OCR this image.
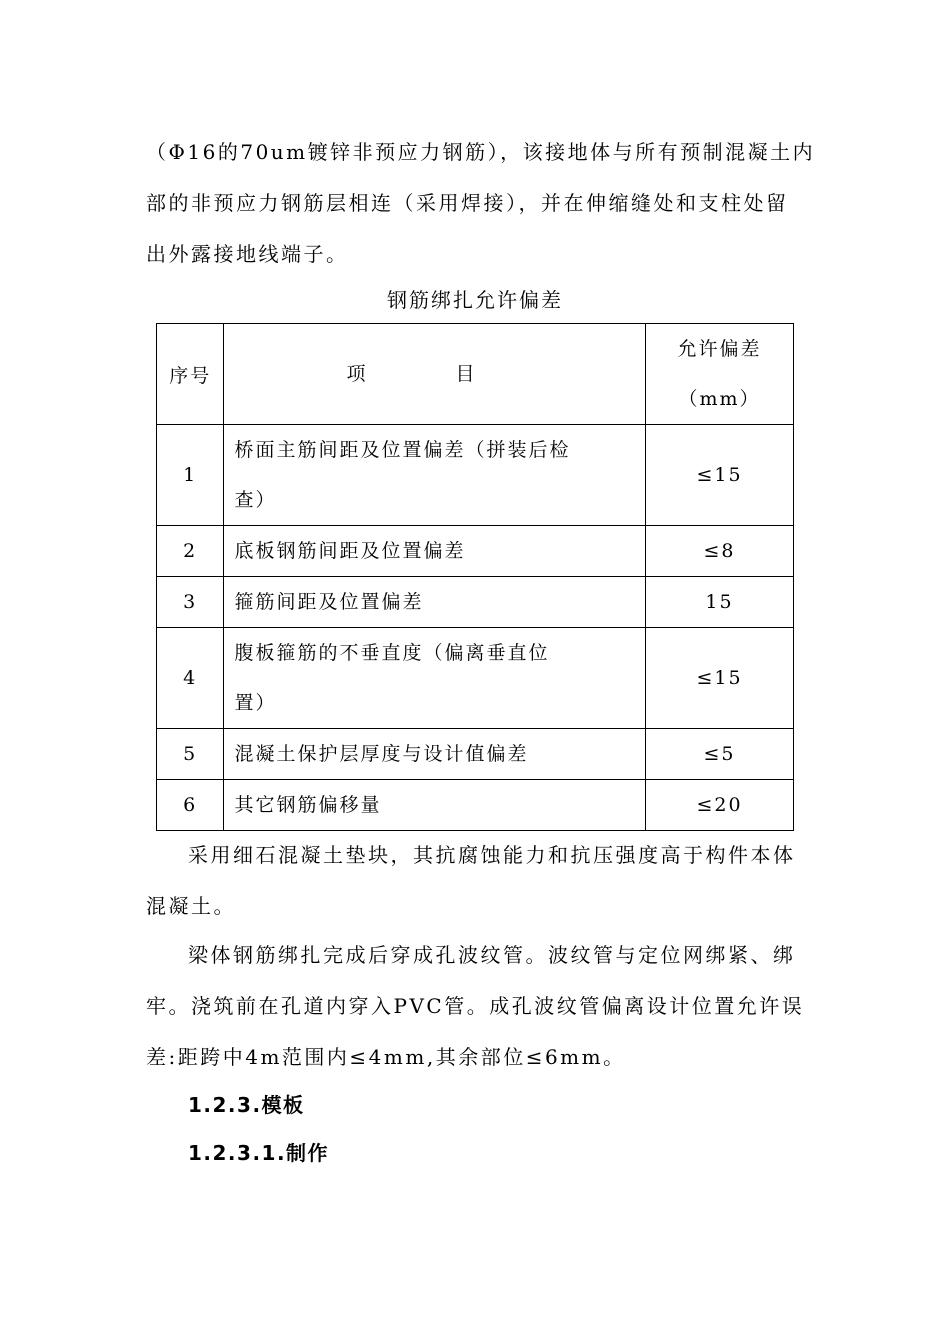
（Φ16的70um镀锌非预应力钢筋），该接地体与所有预制混凝土内
部的非预应力钢筋层相连（采用焊接），并在伸缩缝处和支柱处留
出外露接地线端子。
钢筋绑扎允许偏差
序号	项 目	允许偏差
（mm）

1	桥面主筋间距及位置偏差（拼装后检
查）	≤15
2	底板钢筋间距及位置偏差	≤8
3	箍筋间距及位置偏差	15
4	腹板箍筋的不垂直度（偏离垂直位
置）	≤15
5	混凝土保护层厚度与设计值偏差	≤5
6	其它钢筋偏移量	≤20
采用细石混凝土垫块，其抗腐蚀能力和抗压强度高于构件本体
混凝土。
梁体钢筋绑扎完成后穿成孔波纹管。波纹管与定位网绑紧、绑
牢。浇筑前在孔道内穿入PVC管。成孔波纹管偏离设计位置允许误
差:距跨中4m范围内≤4mm,其余部位≤6mm。
1.2.3.模板
1.2.3.1.制作
